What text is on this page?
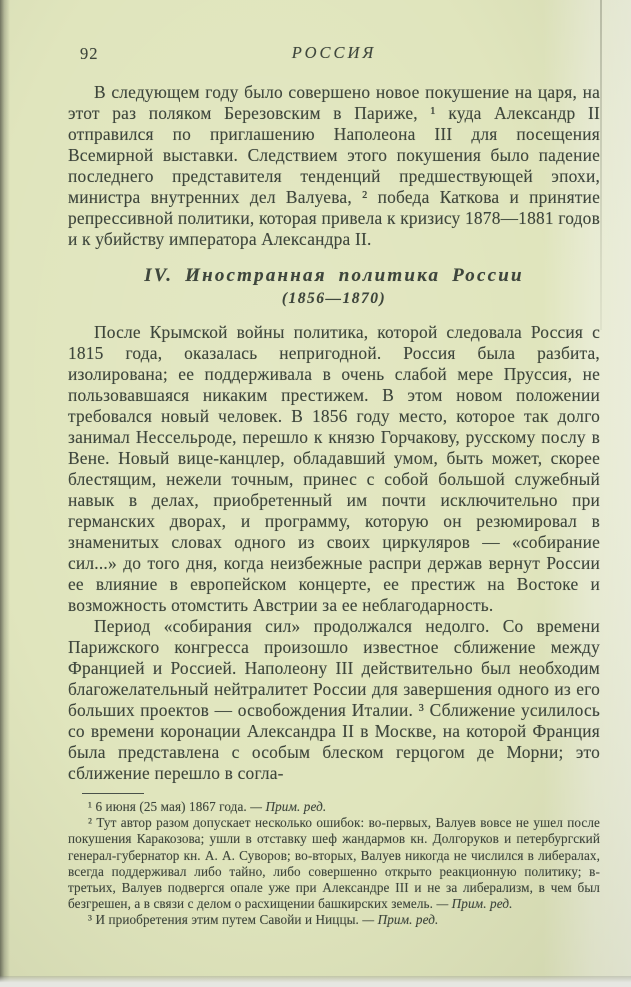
92	РОССИЯ

В следующем году было совершено новое покушение на царя, на этот раз поляком Березовским в Париже, ¹ куда Александр II отправился по приглашению Наполеона III для посещения Всемирной выставки. Следствием этого покушения было падение последнего представителя тенденций предшествующей эпохи, министра внутренних дел Валуева, ² победа Каткова и принятие репрессивной политики, которая привела к кризису 1878—1881 годов и к убийству императора Александра II.

IV. Иностранная политика России
(1856—1870)

После Крымской войны политика, которой следовала Россия с 1815 года, оказалась непригодной. Россия была разбита, изолирована; ее поддерживала в очень слабой мере Пруссия, не пользовавшаяся никаким престижем. В этом новом положении требовался новый человек. В 1856 году место, которое так долго занимал Нессельроде, перешло к князю Горчакову, русскому послу в Вене. Новый вице-канцлер, обладавший умом, быть может, скорее блестящим, нежели точным, принес с собой большой служебный навык в делах, приобретенный им почти исключительно при германских дворах, и программу, которую он резюмировал в знаменитых словах одного из своих циркуляров — «собирание сил...» до того дня, когда неизбежные распри держав вернут России ее влияние в европейском концерте, ее престиж на Востоке и возможность отомстить Австрии за ее неблагодарность.

Период «собирания сил» продолжался недолго. Со времени Парижского конгресса произошло известное сближение между Францией и Россией. Наполеону III действительно был необходим благожелательный нейтралитет России для завершения одного из его больших проектов — освобождения Италии. ³ Сближение усилилось со времени коронации Александра II в Москве, на которой Франция была представлена с особым блеском герцогом де Морни; это сближение перешло в согла-

¹ 6 июня (25 мая) 1867 года. — Прим. ред.

² Тут автор разом допускает несколько ошибок: во-первых, Валуев вовсе не ушел после покушения Каракозова; ушли в отставку шеф жандармов кн. Долгоруков и петербургский генерал-губернатор кн. А. А. Суворов; во-вторых, Валуев никогда не числился в либералах, всегда поддерживал либо тайно, либо совершенно открыто реакционную политику; в-третьих, Валуев подвергся опале уже при Александре III и не за либерализм, в чем был безгрешен, а в связи с делом о расхищении башкирских земель. — Прим. ред.

³ И приобретения этим путем Савойи и Ниццы. — Прим. ред.
